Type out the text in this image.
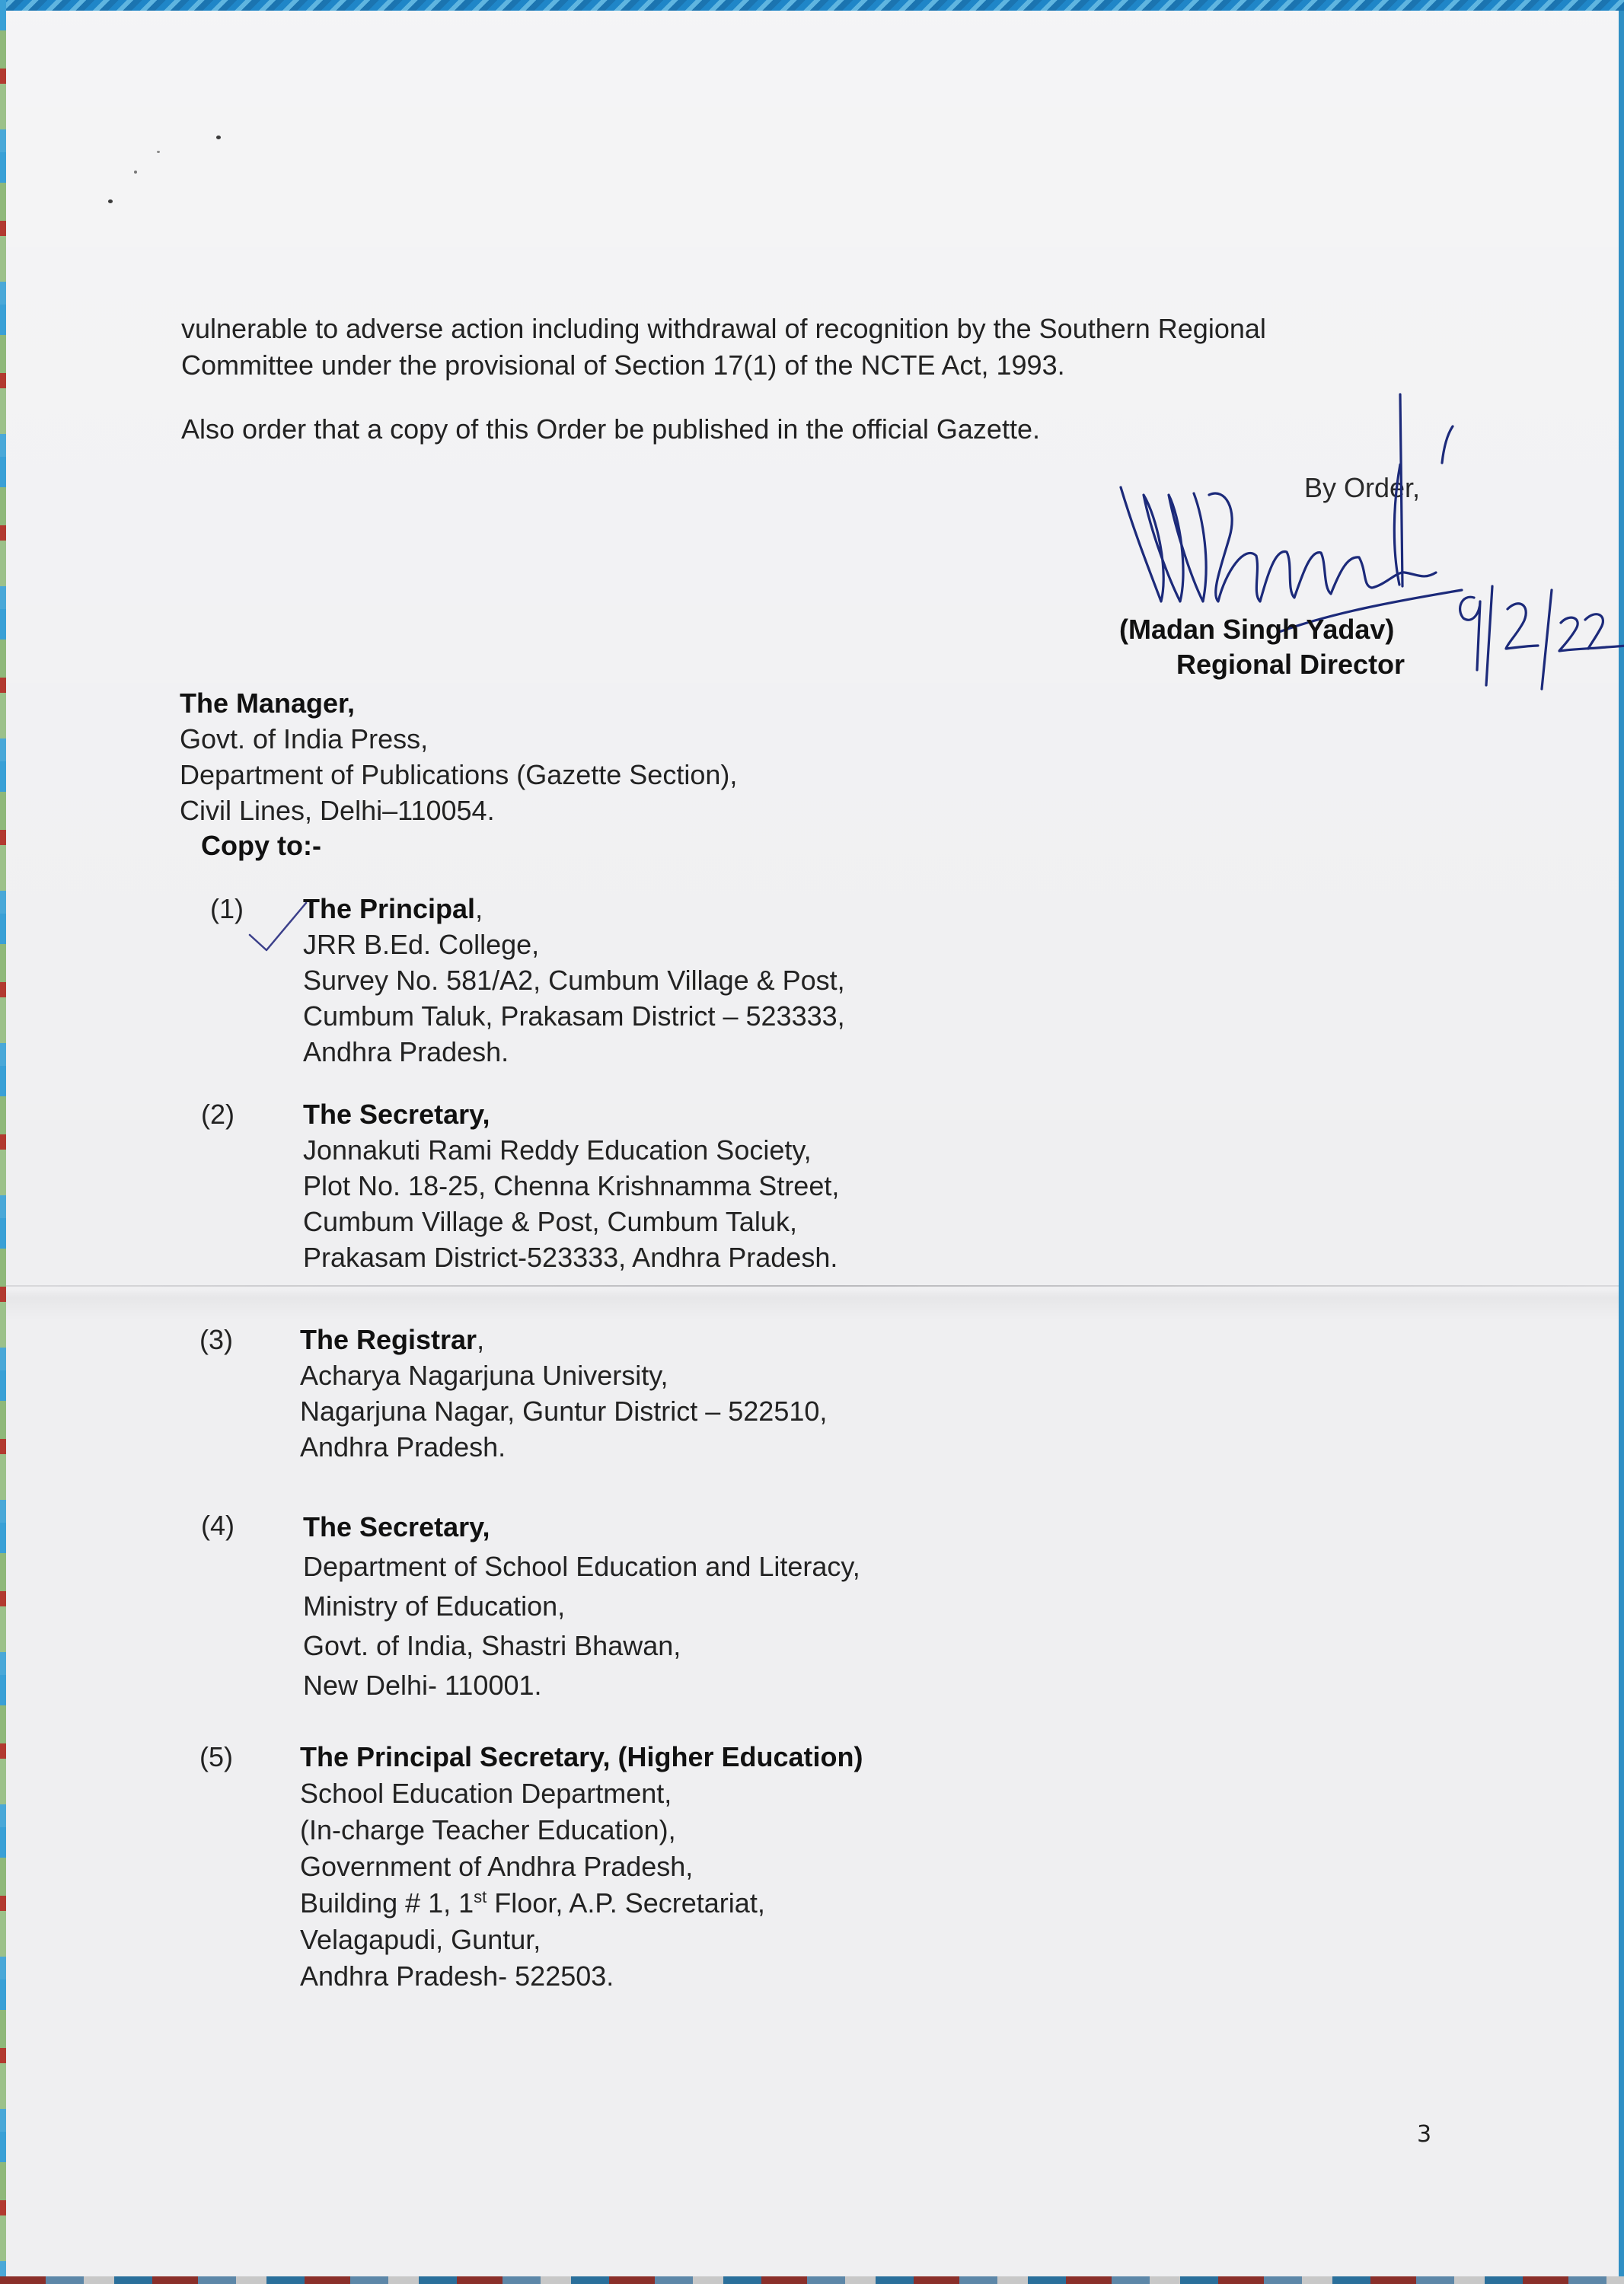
vulnerable to adverse action including withdrawal of recognition by the Southern Regional
Committee under the provisional of Section 17(1) of the NCTE Act, 1993.
Also order that a copy of this Order be published in the official Gazette.
By Order,
(Madan Singh Yadav)
Regional Director
The Manager,
Govt. of India Press,
Department of Publications (Gazette Section),
Civil Lines, Delhi–110054.
Copy to:-
(1) The Principal,
JRR B.Ed. College,
Survey No. 581/A2, Cumbum Village & Post,
Cumbum Taluk, Prakasam District – 523333,
Andhra Pradesh.
(2)	The Secretary,
Jonnakuti Rami Reddy Education Society,
Plot No. 18-25, Chenna Krishnamma Street,
Cumbum Village & Post, Cumbum Taluk,
Prakasam District-523333, Andhra Pradesh.
(3) The Registrar,
Acharya Nagarjuna University,
Nagarjuna Nagar, Guntur District – 522510,
Andhra Pradesh.
(4)	The Secretary,
Department of School Education and Literacy,
Ministry of Education,
Govt. of India, Shastri Bhawan,
New Delhi- 110001.
(5) The Principal Secretary, (Higher Education)
School Education Department,
(In-charge Teacher Education),
Government of Andhra Pradesh,
Building # 1, 1st Floor, A.P. Secretariat,
Velagapudi, Guntur,
Andhra Pradesh- 522503.
3
